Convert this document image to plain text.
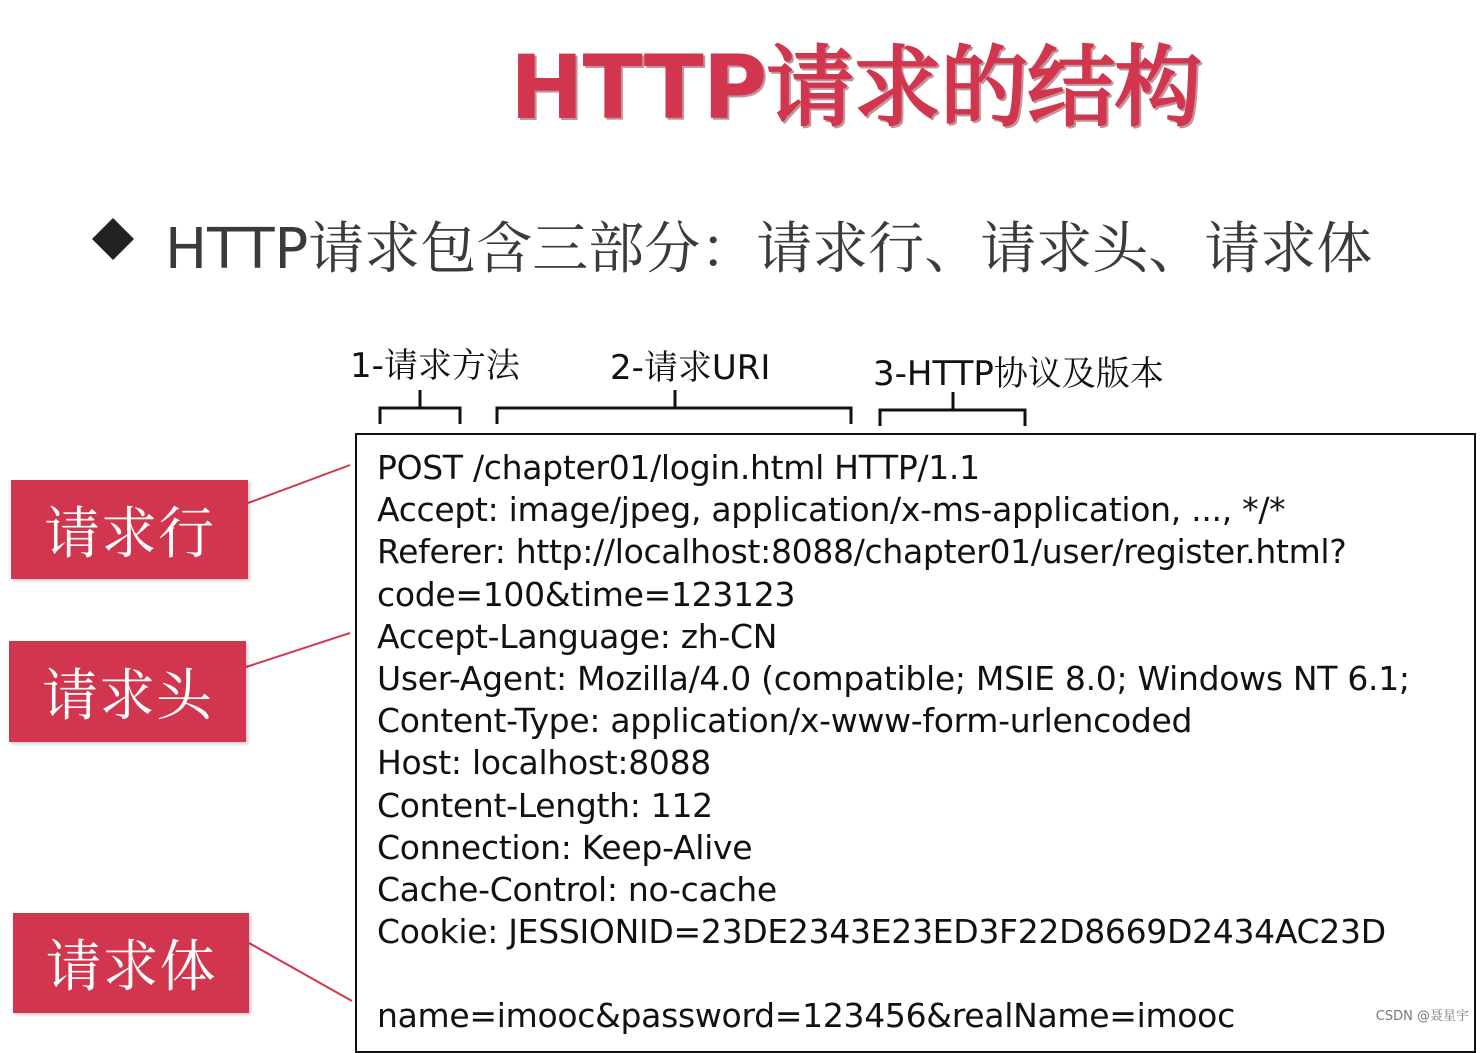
HTTP请求的结构
HTTP请求包含三部分：请求行、请求头、请求体
1-请求方法	2-请求URI	3-HTTP协议及版本
POST /chapter01/login.html HTTP/1.1
Accept: image/jpeg, application/x-ms-application, ..., */*
Referer: http://localhost:8088/chapter01/user/register.html?
code=100&time=123123
Accept-Language: zh-CN
User-Agent: Mozilla/4.0 (compatible; MSIE 8.0; Windows NT 6.1;
Content-Type: application/x-www-form-urlencoded
Host: localhost:8088
Content-Length: 112
Connection: Keep-Alive
Cache-Control: no-cache
Cookie: JESSIONID=23DE2343E23ED3F22D8669D2434AC23D
name=imooc&password=123456&realName=imooc
请求行
请求头
请求体
CSDN @聂星宇
